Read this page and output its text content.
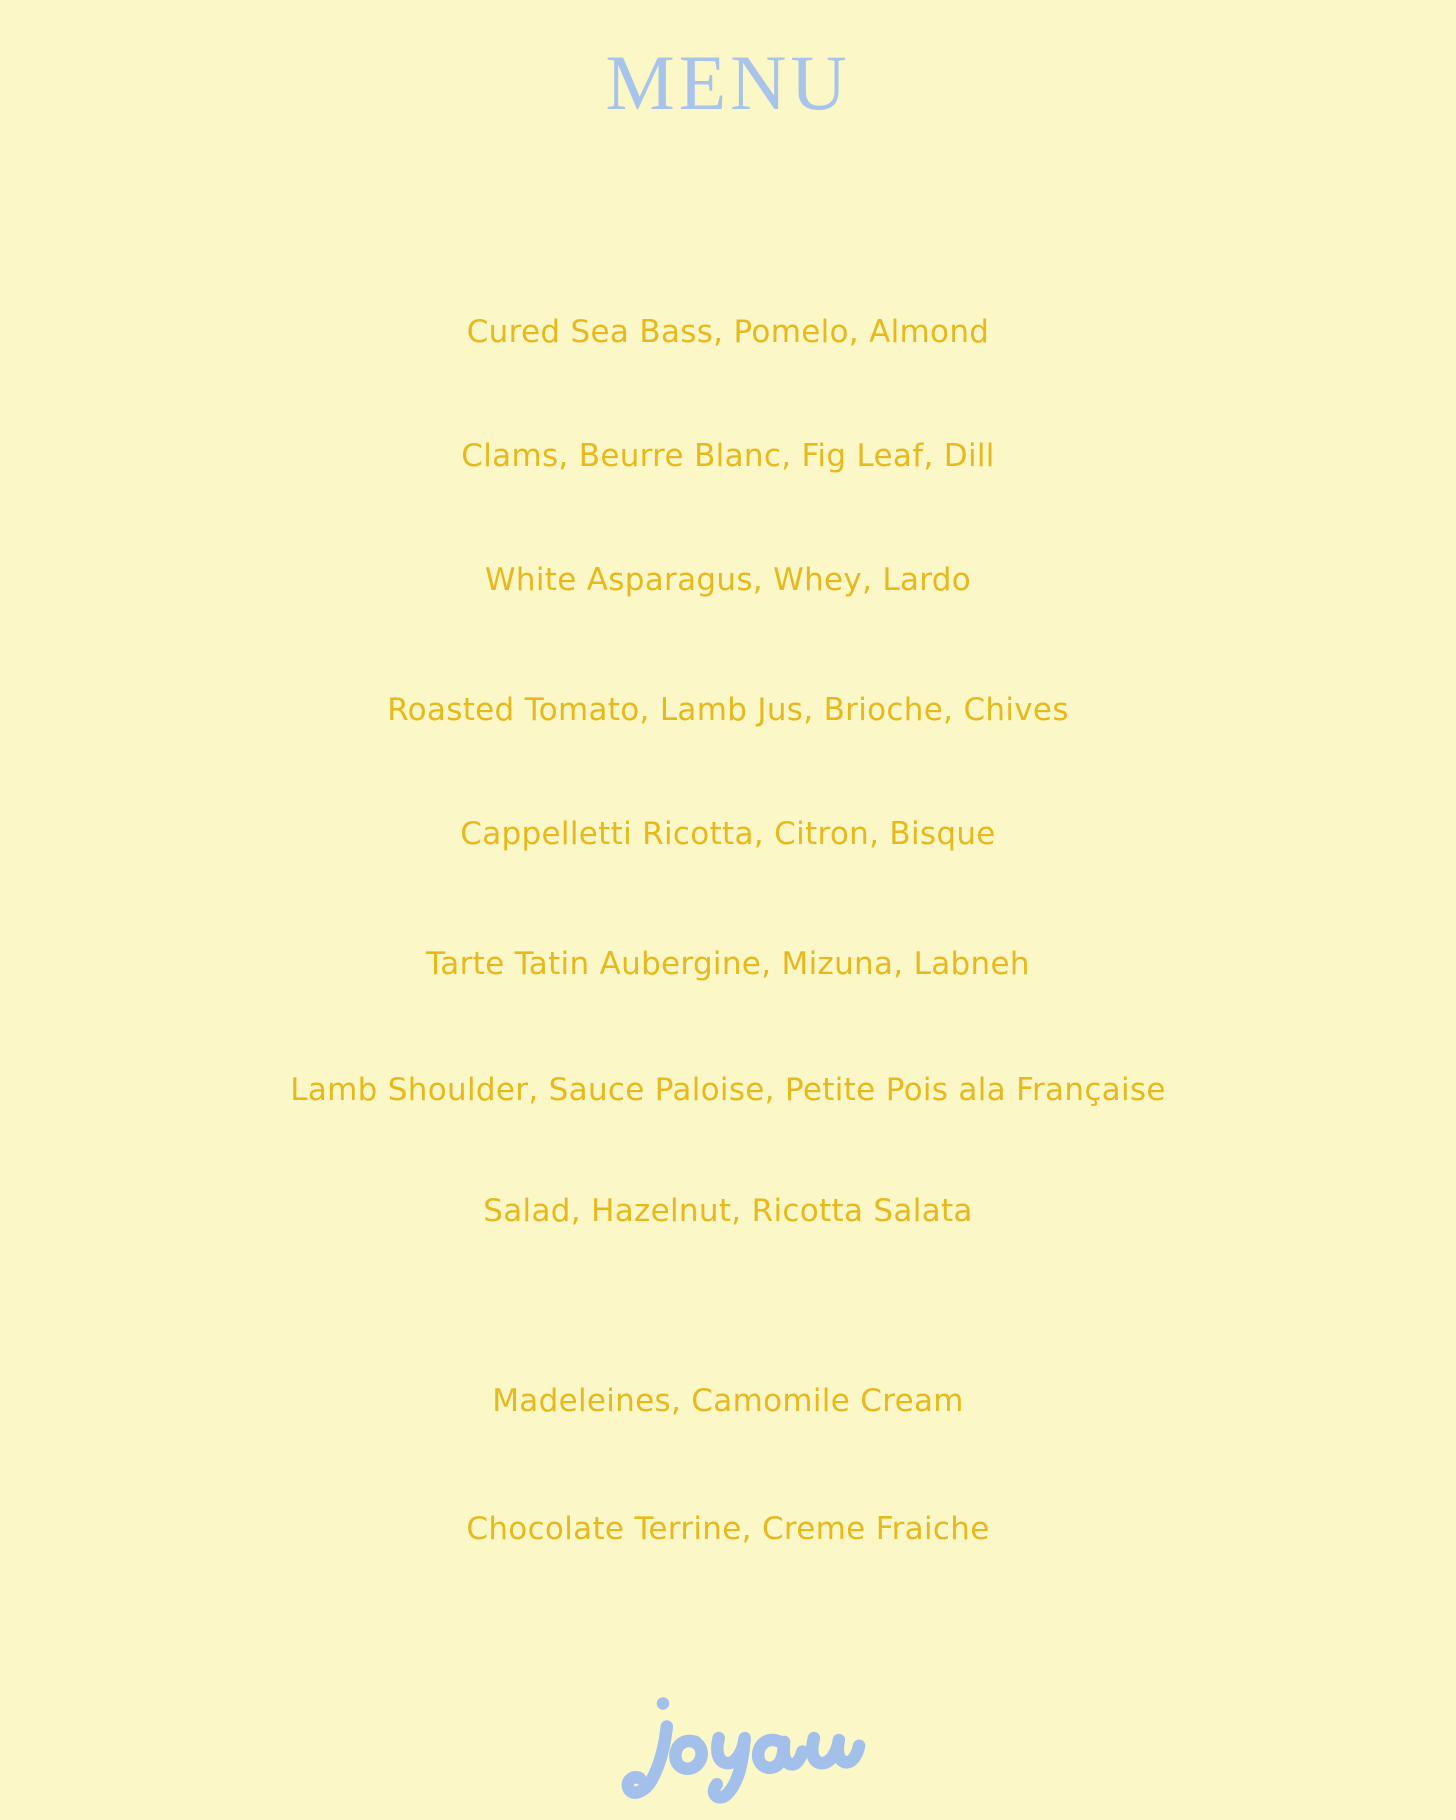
MENU
Cured Sea Bass, Pomelo, Almond
Clams, Beurre Blanc, Fig Leaf, Dill
White Asparagus, Whey, Lardo
Roasted Tomato, Lamb Jus, Brioche, Chives
Cappelletti Ricotta, Citron, Bisque
Tarte Tatin Aubergine, Mizuna, Labneh
Lamb Shoulder, Sauce Paloise, Petite Pois ala Française
Salad, Hazelnut, Ricotta Salata
Madeleines, Camomile Cream
Chocolate Terrine, Creme Fraiche
